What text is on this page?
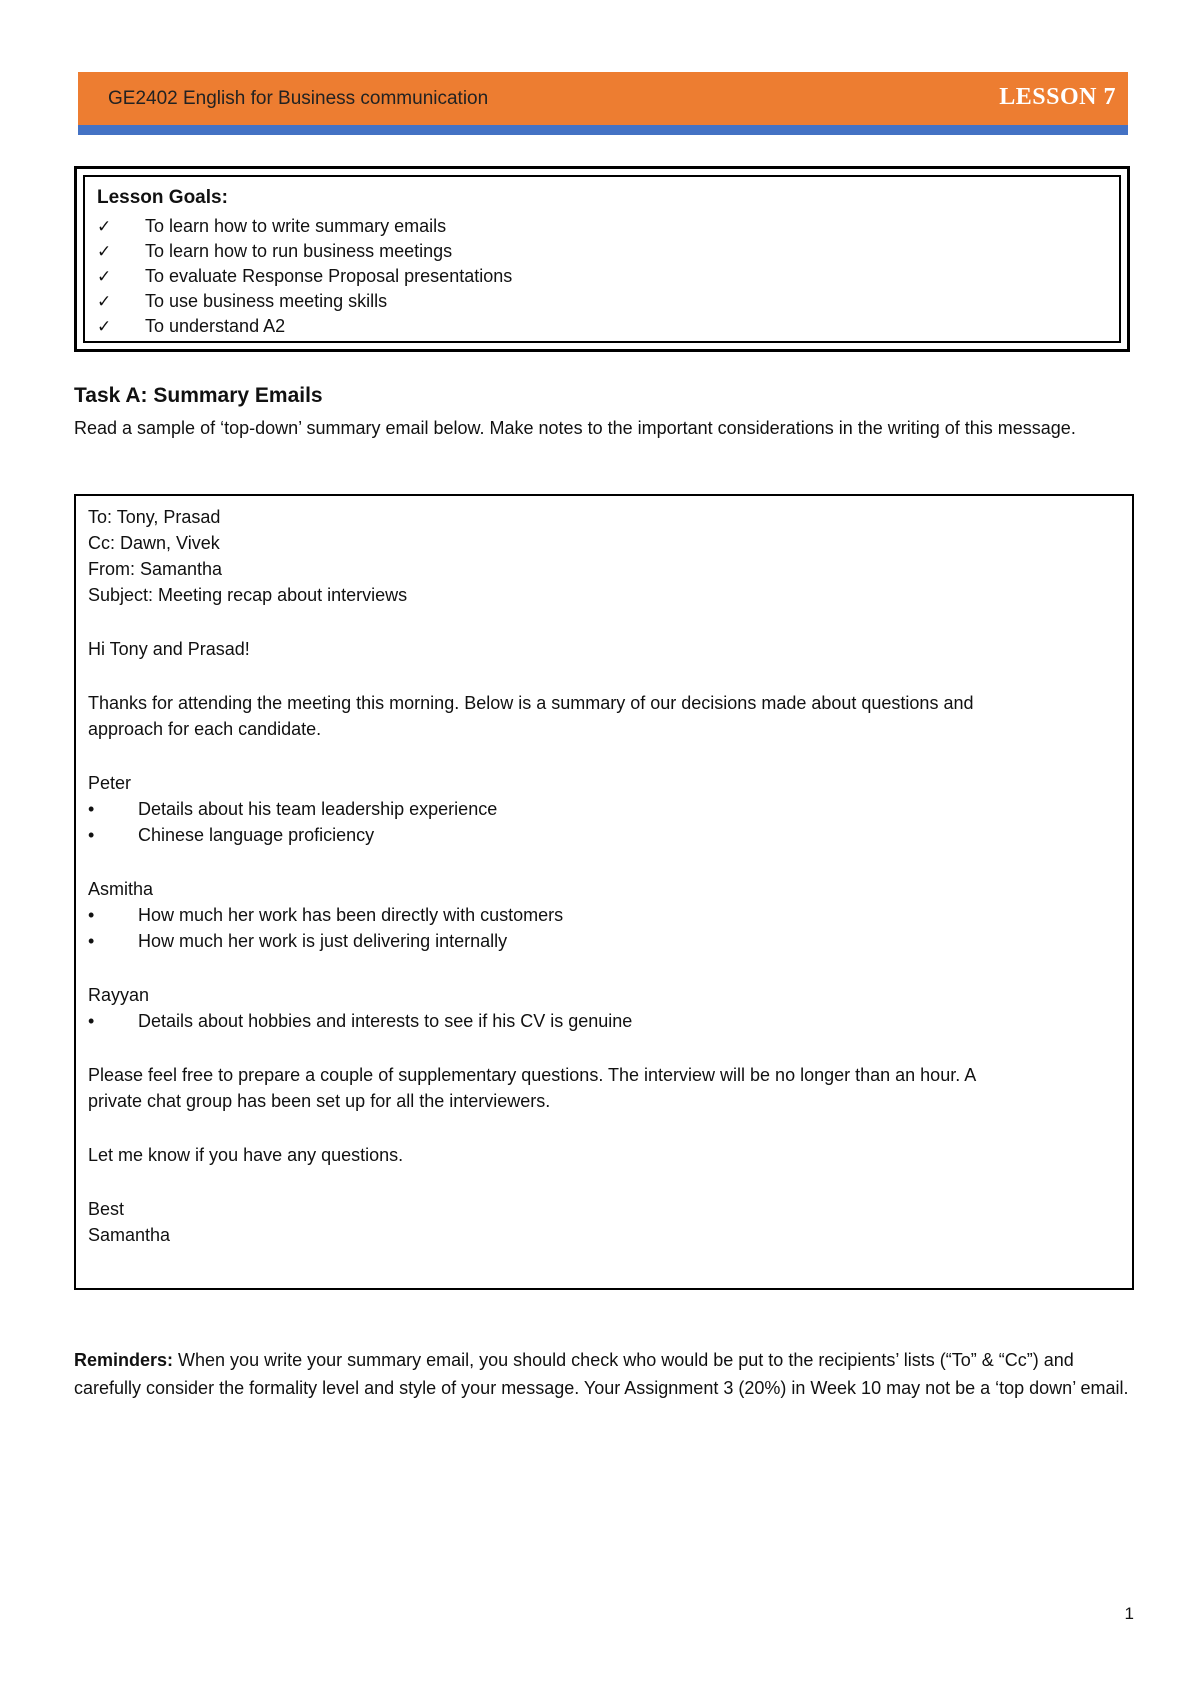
GE2402 English for Business communication	LESSON 7
Lesson Goals:
✓ To learn how to write summary emails
✓ To learn how to run business meetings
✓ To evaluate Response Proposal presentations
✓ To use business meeting skills
✓ To understand A2
Task A: Summary Emails
Read a sample of ‘top-down’ summary email below. Make notes to the important considerations in the writing of this message.
To: Tony, Prasad
Cc: Dawn, Vivek
From: Samantha
Subject: Meeting recap about interviews
Hi Tony and Prasad!
Thanks for attending the meeting this morning. Below is a summary of our decisions made about questions and
approach for each candidate.
Peter
• Details about his team leadership experience
• Chinese language proficiency
Asmitha
• How much her work has been directly with customers
• How much her work is just delivering internally
Rayyan
• Details about hobbies and interests to see if his CV is genuine
Please feel free to prepare a couple of supplementary questions. The interview will be no longer than an hour. A
private chat group has been set up for all the interviewers.
Let me know if you have any questions.
Best
Samantha
Reminders: When you write your summary email, you should check who would be put to the recipients’ lists (“To” & “Cc”) and carefully consider the formality level and style of your message. Your Assignment 3 (20%) in Week 10 may not be a ‘top down’ email.
1
